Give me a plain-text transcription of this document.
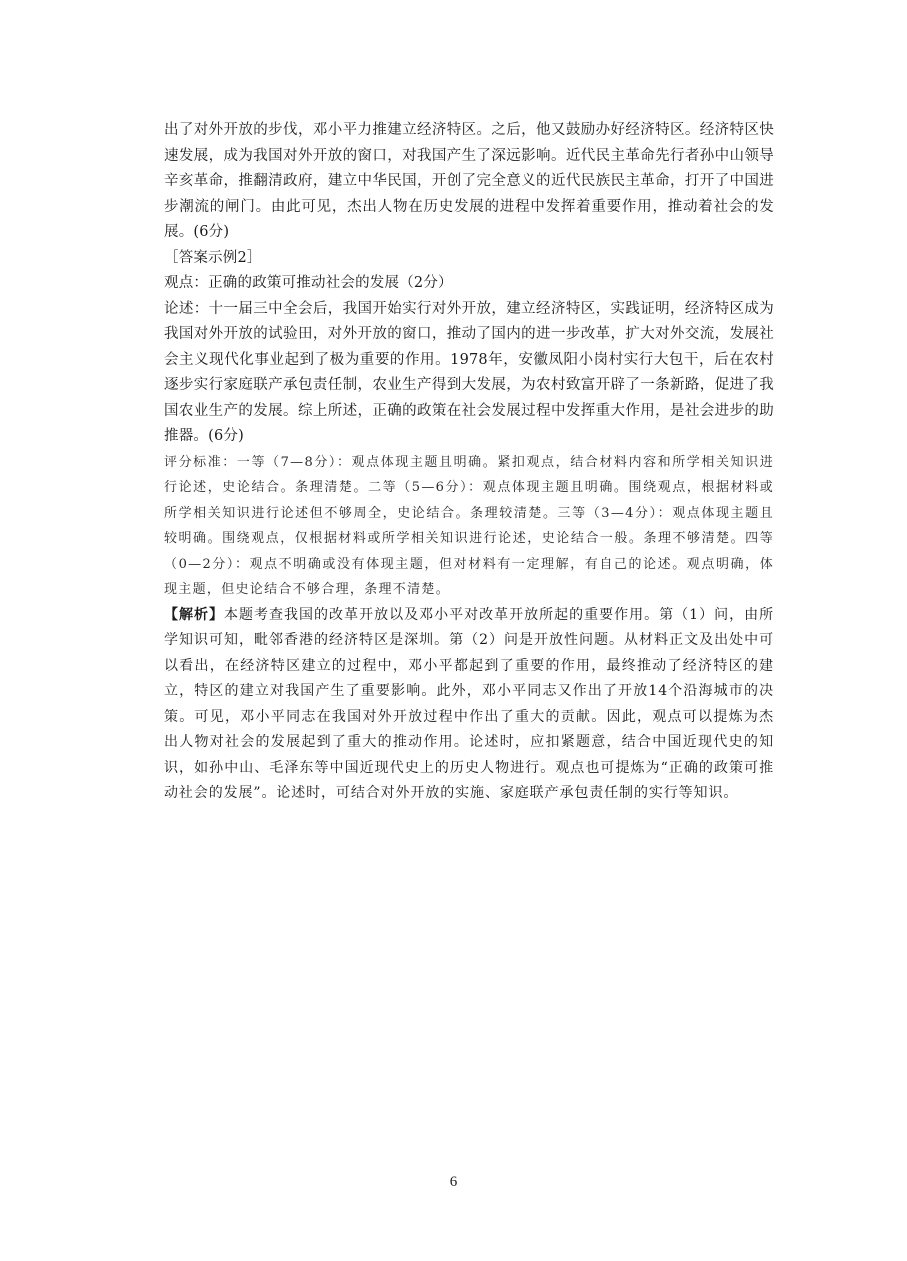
出了对外开放的步伐，邓小平力推建立经济特区。之后，他又鼓励办好经济特区。经济特区快速发展，成为我国对外开放的窗口，对我国产生了深远影响。近代民主革命先行者孙中山领导辛亥革命，推翻清政府，建立中华民国，开创了完全意义的近代民族民主革命，打开了中国进步潮流的闸门。由此可见，杰出人物在历史发展的进程中发挥着重要作用，推动着社会的发展。(6分)

［答案示例2］

观点：正确的政策可推动社会的发展（2分）

论述：十一届三中全会后，我国开始实行对外开放，建立经济特区，实践证明，经济特区成为我国对外开放的试验田，对外开放的窗口，推动了国内的进一步改革，扩大对外交流，发展社会主义现代化事业起到了极为重要的作用。1978年，安徽凤阳小岗村实行大包干，后在农村逐步实行家庭联产承包责任制，农业生产得到大发展，为农村致富开辟了一条新路，促进了我国农业生产的发展。综上所述，正确的政策在社会发展过程中发挥重大作用，是社会进步的助推器。(6分)

评分标准：一等（7—8分）：观点体现主题且明确。紧扣观点，结合材料内容和所学相关知识进行论述，史论结合。条理清楚。二等（5—6分）：观点体现主题且明确。围绕观点，根据材料或所学相关知识进行论述但不够周全，史论结合。条理较清楚。三等（3—4分）：观点体现主题且较明确。围绕观点，仅根据材料或所学相关知识进行论述，史论结合一般。条理不够清楚。四等（0—2分）：观点不明确或没有体现主题，但对材料有一定理解，有自己的论述。观点明确，体现主题，但史论结合不够合理，条理不清楚。

【解析】本题考查我国的改革开放以及邓小平对改革开放所起的重要作用。第（1）问，由所学知识可知，毗邻香港的经济特区是深圳。第（2）问是开放性问题。从材料正文及出处中可以看出，在经济特区建立的过程中，邓小平都起到了重要的作用，最终推动了经济特区的建立，特区的建立对我国产生了重要影响。此外，邓小平同志又作出了开放14个沿海城市的决策。可见，邓小平同志在我国对外开放过程中作出了重大的贡献。因此，观点可以提炼为杰出人物对社会的发展起到了重大的推动作用。论述时，应扣紧题意，结合中国近现代史的知识，如孙中山、毛泽东等中国近现代史上的历史人物进行。观点也可提炼为“正确的政策可推动社会的发展”。论述时，可结合对外开放的实施、家庭联产承包责任制的实行等知识。

6
